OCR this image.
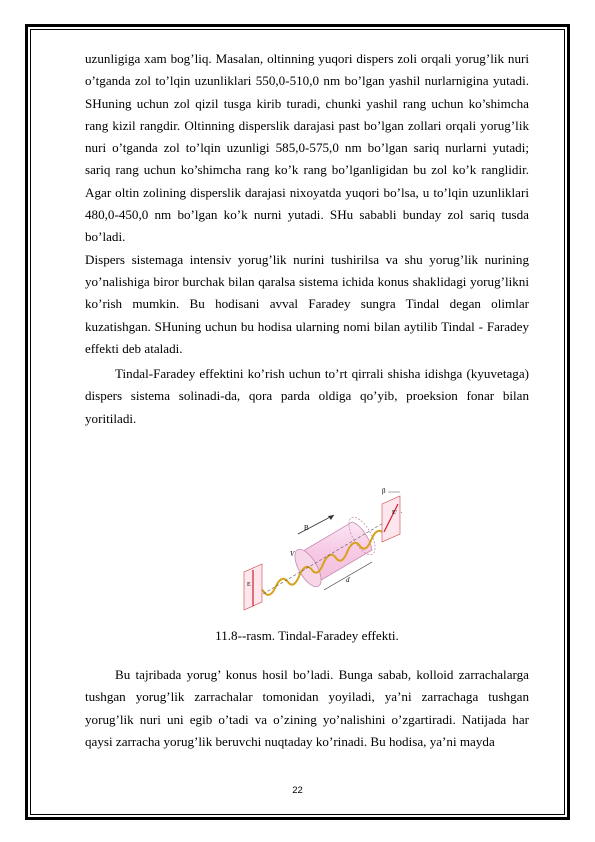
uzunligiga xam bog’liq. Masalan, oltinning yuqori dispers zoli orqali yorug’lik nuri o’tganda zol to’lqin uzunliklari 550,0-510,0 nm bo’lgan yashil nurlarnigina yutadi. SHuning uchun zol qizil tusga kirib turadi, chunki yashil rang uchun ko’shimcha rang kizil rangdir. Oltinning disperslik darajasi past bo’lgan zollari orqali yorug’lik nuri o’tganda zol to’lqin uzunligi 585,0-575,0 nm bo’lgan sariq nurlarni yutadi; sariq rang uchun ko’shimcha rang ko’k rang bo’lganligidan bu zol ko’k ranglidir. Agar oltin zolining disperslik darajasi nixoyatda yuqori bo’lsa, u to’lqin uzunliklari 480,0-450,0 nm bo’lgan ko’k nurni yutadi. SHu sababli bunday zol sariq tusda bo’ladi.

Dispers sistemaga intensiv yorug’lik nurini tushirilsa va shu yorug’lik nurining yo’nalishiga biror burchak bilan qaralsa sistema ichida konus shaklidagi yorug’likni ko’rish mumkin. Bu hodisani avval Faradey sungra Tindal degan olimlar kuzatishgan. SHuning uchun bu hodisa ularning nomi bilan aytilib Tindal - Faradey effekti deb ataladi.

Tindal-Faradey effektini ko’rish uchun to’rt qirrali shisha idishga (kyuvetaga) dispers sistema solinadi-da, qora parda oldiga qo’yib, proeksion fonar bilan yoritiladi.

B
E
E'
β
V
d
11.8--rasm. Tindal-Faradey effekti.

Bu tajribada yorug’ konus hosil bo’ladi. Bunga sabab, kolloid zarrachalarga tushgan yorug’lik zarrachalar tomonidan yoyiladi, ya’ni zarrachaga tushgan yorug’lik nuri uni egib o’tadi va o’zining yo’nalishini o’zgartiradi. Natijada har qaysi zarracha yorug’lik beruvchi nuqtaday ko’rinadi. Bu hodisa, ya’ni mayda

22
